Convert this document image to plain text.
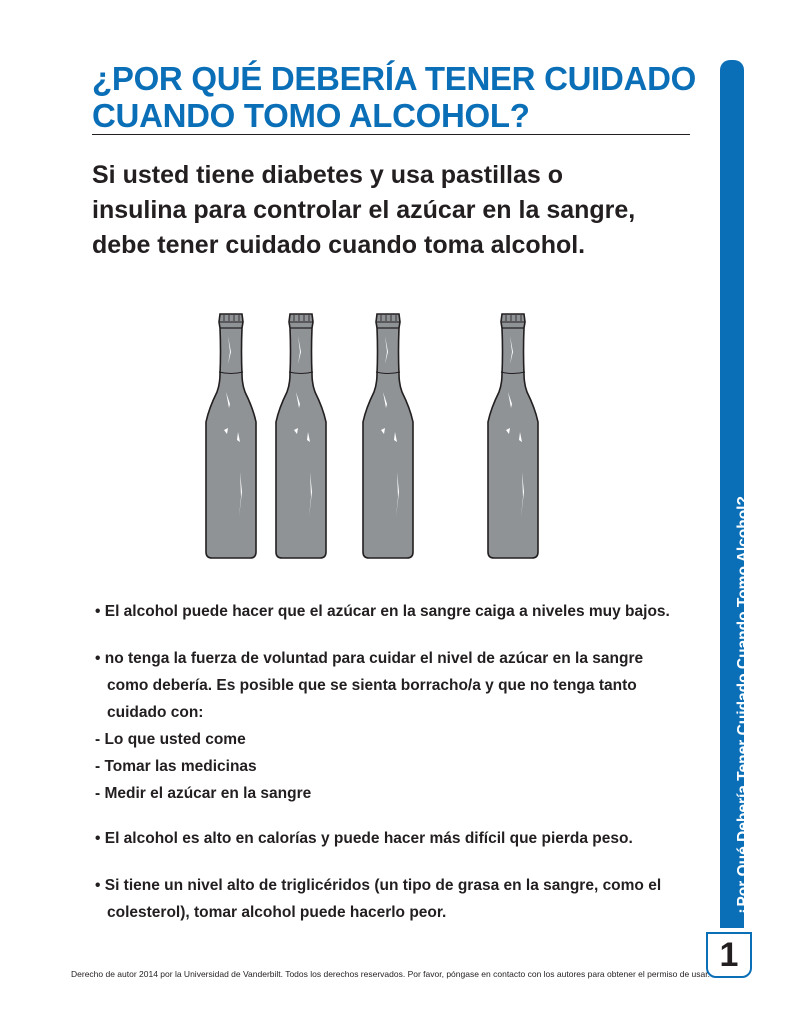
¿POR QUÉ DEBERÍA TENER CUIDADO
CUANDO TOMO ALCOHOL?

Si usted tiene diabetes y usa pastillas o insulina para controlar el azúcar en la sangre, debe tener cuidado cuando toma alcohol.

• El alcohol puede hacer que el azúcar en la sangre caiga a niveles muy bajos.

• no tenga la fuerza de voluntad para cuidar el nivel de azúcar en la sangre

como debería. Es posible que se sienta borracho/a y que no tenga tanto

cuidado con:

- Lo que usted come

- Tomar las medicinas

- Medir el azúcar en la sangre

• El alcohol es alto en calorías y puede hacer más difícil que pierda peso.

• Si tiene un nivel alto de triglicéridos (un tipo de grasa en la sangre, como el

colesterol), tomar alcohol puede hacerlo peor.	¿Por Qué Debería Tener Cuidado Cuando Tomo Alcohol?
1
Derecho de autor 2014 por la Universidad de Vanderbilt. Todos los derechos reservados. Por favor, póngase en contacto con los autores para obtener el permiso de usar.
